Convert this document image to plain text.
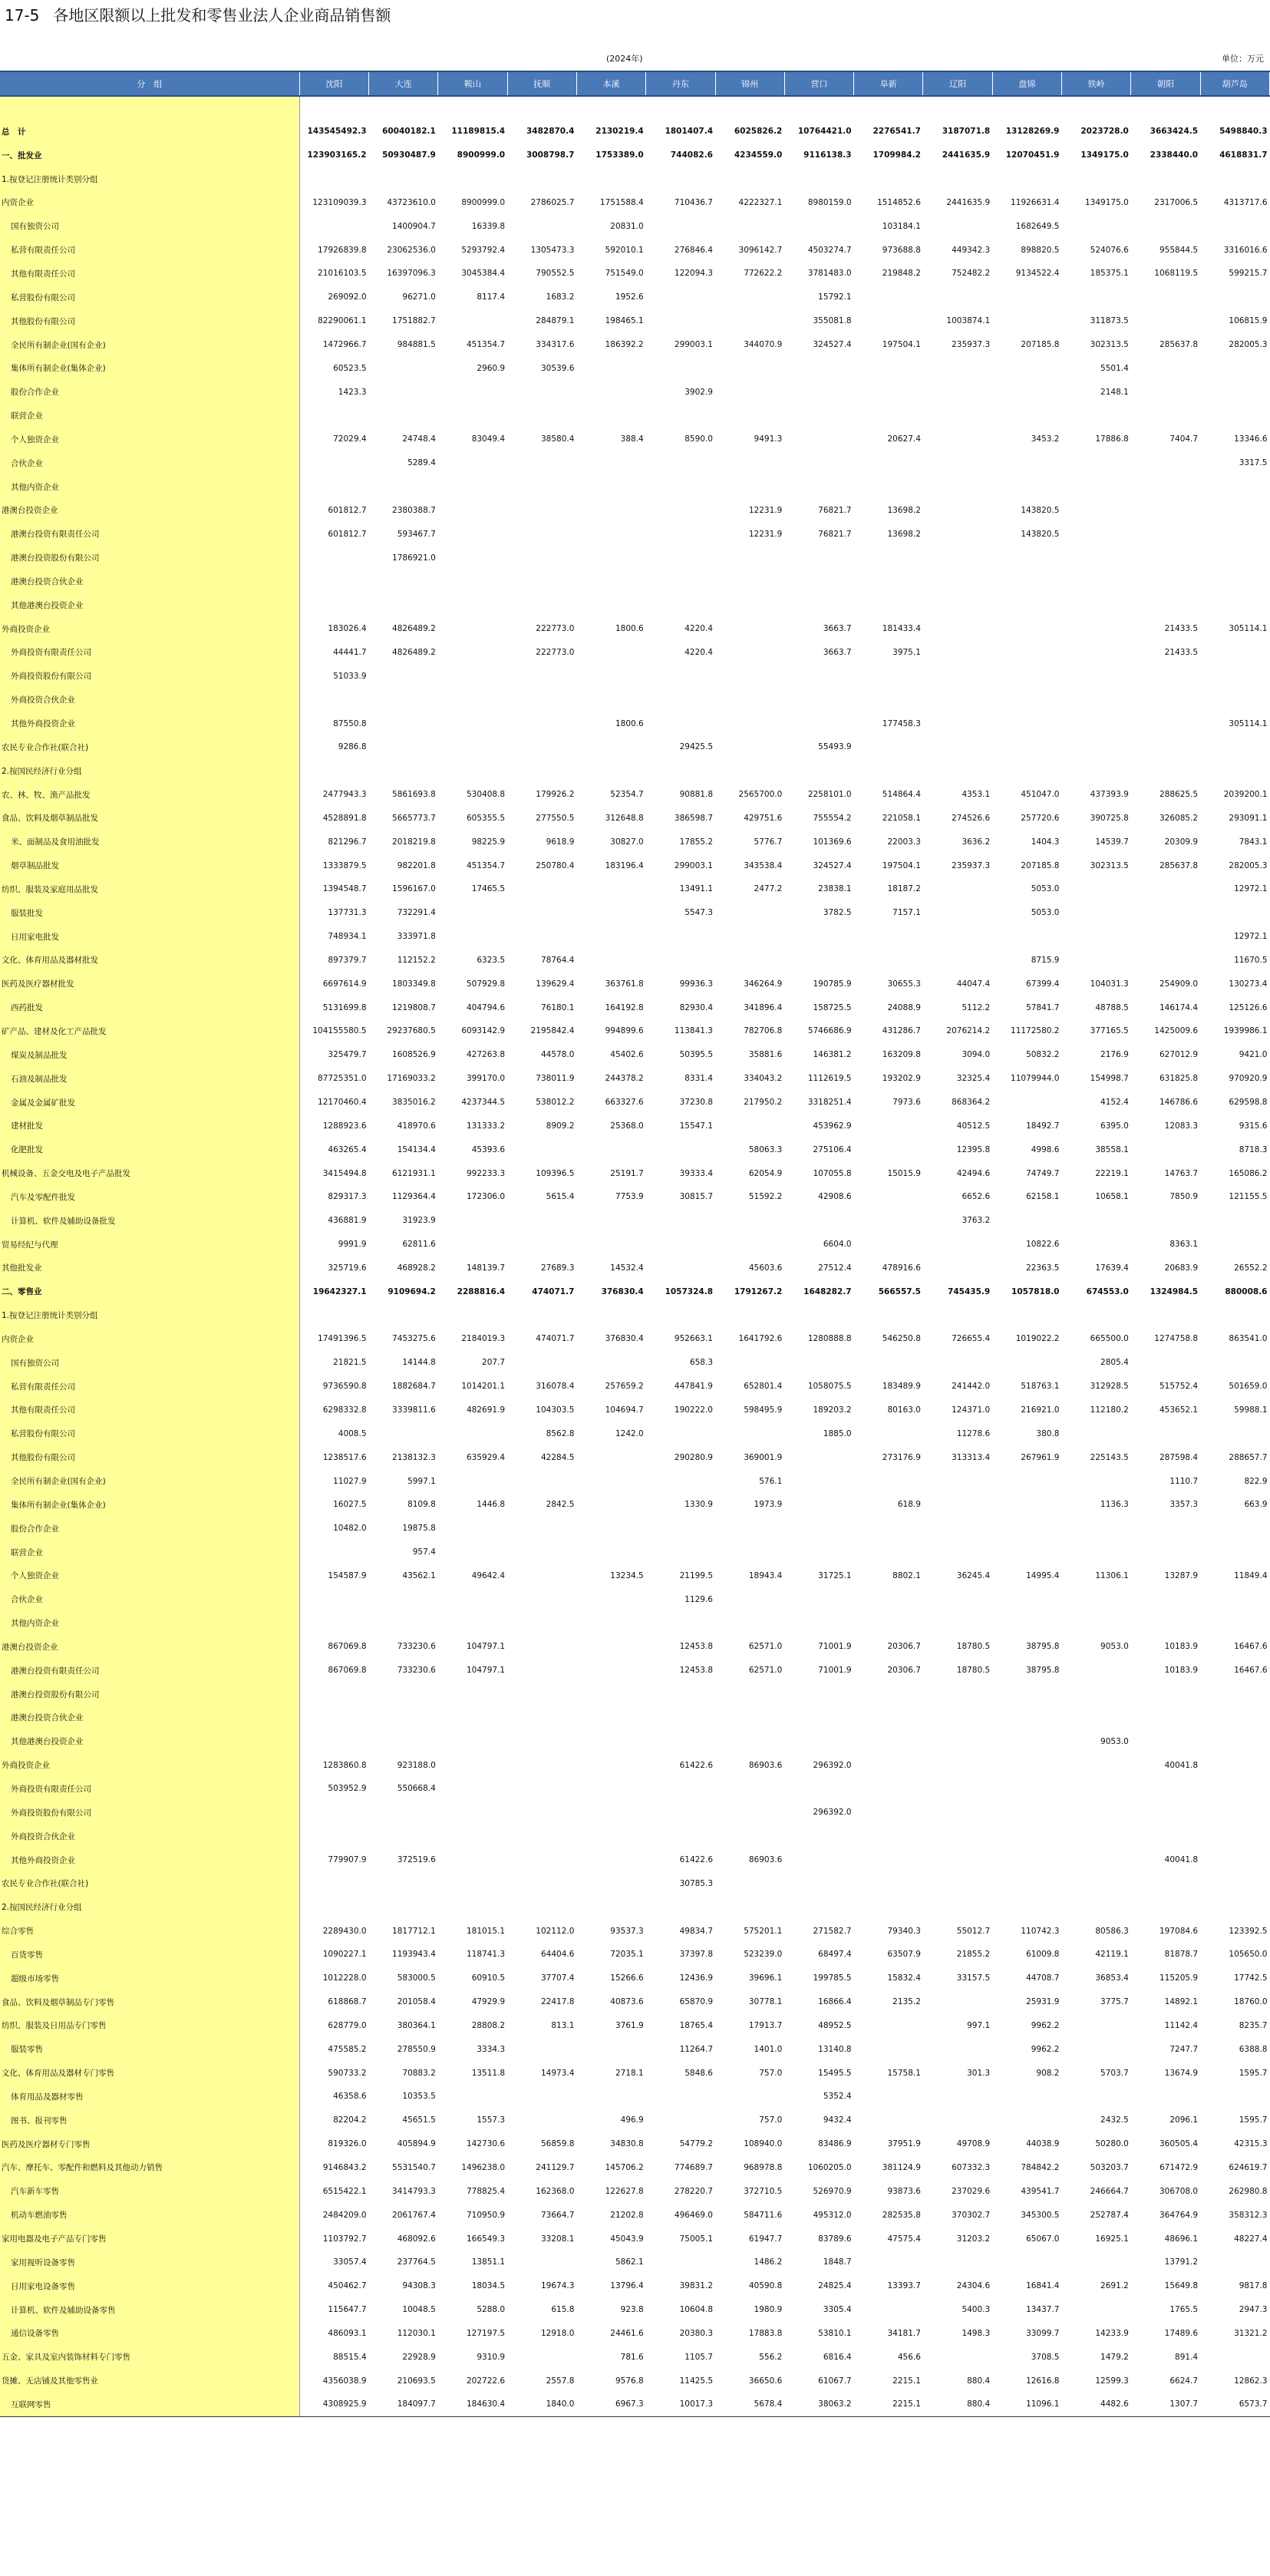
17-5 各地区限额以上批发和零售业法人企业商品销售额
(2024年)	单位：万元
分　组	沈阳	大连	鞍山	抚顺	本溪	丹东	锦州	营口	阜新	辽阳	盘锦	铁岭	朝阳	葫芦岛

总　计	143545492.3	60040182.1	11189815.4	3482870.4	2130219.4	1801407.4	6025826.2	10764421.0	2276541.7	3187071.8	13128269.9	2023728.0	3663424.5	5498840.3
一、批发业	123903165.2	50930487.9	8900999.0	3008798.7	1753389.0	744082.6	4234559.0	9116138.3	1709984.2	2441635.9	12070451.9	1349175.0	2338440.0	4618831.7
1.按登记注册统计类别分组														
内资企业	123109039.3	43723610.0	8900999.0	2786025.7	1751588.4	710436.7	4222327.1	8980159.0	1514852.6	2441635.9	11926631.4	1349175.0	2317006.5	4313717.6
国有独资公司		1400904.7	16339.8		20831.0				103184.1		1682649.5			
私营有限责任公司	17926839.8	23062536.0	5293792.4	1305473.3	592010.1	276846.4	3096142.7	4503274.7	973688.8	449342.3	898820.5	524076.6	955844.5	3316016.6
其他有限责任公司	21016103.5	16397096.3	3045384.4	790552.5	751549.0	122094.3	772622.2	3781483.0	219848.2	752482.2	9134522.4	185375.1	1068119.5	599215.7
私营股份有限公司	269092.0	96271.0	8117.4	1683.2	1952.6			15792.1						
其他股份有限公司	82290061.1	1751882.7		284879.1	198465.1			355081.8		1003874.1		311873.5		106815.9
全民所有制企业(国有企业)	1472966.7	984881.5	451354.7	334317.6	186392.2	299003.1	344070.9	324527.4	197504.1	235937.3	207185.8	302313.5	285637.8	282005.3
集体所有制企业(集体企业)	60523.5		2960.9	30539.6								5501.4		
股份合作企业	1423.3					3902.9						2148.1		
联营企业														
个人独资企业	72029.4	24748.4	83049.4	38580.4	388.4	8590.0	9491.3		20627.4		3453.2	17886.8	7404.7	13346.6
合伙企业		5289.4												3317.5
其他内资企业														
港澳台投资企业	601812.7	2380388.7					12231.9	76821.7	13698.2		143820.5			
港澳台投资有限责任公司	601812.7	593467.7					12231.9	76821.7	13698.2		143820.5			
港澳台投资股份有限公司		1786921.0												
港澳台投资合伙企业														
其他港澳台投资企业														
外商投资企业	183026.4	4826489.2		222773.0	1800.6	4220.4		3663.7	181433.4				21433.5	305114.1
外商投资有限责任公司	44441.7	4826489.2		222773.0		4220.4		3663.7	3975.1				21433.5	
外商投资股份有限公司	51033.9													
外商投资合伙企业														
其他外商投资企业	87550.8				1800.6				177458.3					305114.1
农民专业合作社(联合社)	9286.8					29425.5		55493.9						
2.按国民经济行业分组														
农、林、牧、渔产品批发	2477943.3	5861693.8	530408.8	179926.2	52354.7	90881.8	2565700.0	2258101.0	514864.4	4353.1	451047.0	437393.9	288625.5	2039200.1
食品、饮料及烟草制品批发	4528891.8	5665773.7	605355.5	277550.5	312648.8	386598.7	429751.6	755554.2	221058.1	274526.6	257720.6	390725.8	326085.2	293091.1
米、面制品及食用油批发	821296.7	2018219.8	98225.9	9618.9	30827.0	17855.2	5776.7	101369.6	22003.3	3636.2	1404.3	14539.7	20309.9	7843.1
烟草制品批发	1333879.5	982201.8	451354.7	250780.4	183196.4	299003.1	343538.4	324527.4	197504.1	235937.3	207185.8	302313.5	285637.8	282005.3
纺织、服装及家庭用品批发	1394548.7	1596167.0	17465.5			13491.1	2477.2	23838.1	18187.2		5053.0			12972.1
服装批发	137731.3	732291.4				5547.3		3782.5	7157.1		5053.0			
日用家电批发	748934.1	333971.8												12972.1
文化、体育用品及器材批发	897379.7	112152.2	6323.5	78764.4							8715.9			11670.5
医药及医疗器材批发	6697614.9	1803349.8	507929.8	139629.4	363761.8	99936.3	346264.9	190785.9	30655.3	44047.4	67399.4	104031.3	254909.0	130273.4
西药批发	5131699.8	1219808.7	404794.6	76180.1	164192.8	82930.4	341896.4	158725.5	24088.9	5112.2	57841.7	48788.5	146174.4	125126.6
矿产品、建材及化工产品批发	104155580.5	29237680.5	6093142.9	2195842.4	994899.6	113841.3	782706.8	5746686.9	431286.7	2076214.2	11172580.2	377165.5	1425009.6	1939986.1
煤炭及制品批发	325479.7	1608526.9	427263.8	44578.0	45402.6	50395.5	35881.6	146381.2	163209.8	3094.0	50832.2	2176.9	627012.9	9421.0
石油及制品批发	87725351.0	17169033.2	399170.0	738011.9	244378.2	8331.4	334043.2	1112619.5	193202.9	32325.4	11079944.0	154998.7	631825.8	970920.9
金属及金属矿批发	12170460.4	3835016.2	4237344.5	538012.2	663327.6	37230.8	217950.2	3318251.4	7973.6	868364.2		4152.4	146786.6	629598.8
建材批发	1288923.6	418970.6	131333.2	8909.2	25368.0	15547.1		453962.9		40512.5	18492.7	6395.0	12083.3	9315.6
化肥批发	463265.4	154134.4	45393.6				58063.3	275106.4		12395.8	4998.6	38558.1		8718.3
机械设备、五金交电及电子产品批发	3415494.8	6121931.1	992233.3	109396.5	25191.7	39333.4	62054.9	107055.8	15015.9	42494.6	74749.7	22219.1	14763.7	165086.2
汽车及零配件批发	829317.3	1129364.4	172306.0	5615.4	7753.9	30815.7	51592.2	42908.6		6652.6	62158.1	10658.1	7850.9	121155.5
计算机、软件及辅助设备批发	436881.9	31923.9								3763.2				
贸易经纪与代理	9991.9	62811.6						6604.0			10822.6		8363.1	
其他批发业	325719.6	468928.2	148139.7	27689.3	14532.4		45603.6	27512.4	478916.6		22363.5	17639.4	20683.9	26552.2
二、零售业	19642327.1	9109694.2	2288816.4	474071.7	376830.4	1057324.8	1791267.2	1648282.7	566557.5	745435.9	1057818.0	674553.0	1324984.5	880008.6
1.按登记注册统计类别分组														
内资企业	17491396.5	7453275.6	2184019.3	474071.7	376830.4	952663.1	1641792.6	1280888.8	546250.8	726655.4	1019022.2	665500.0	1274758.8	863541.0
国有独资公司	21821.5	14144.8	207.7			658.3						2805.4		
私营有限责任公司	9736590.8	1882684.7	1014201.1	316078.4	257659.2	447841.9	652801.4	1058075.5	183489.9	241442.0	518763.1	312928.5	515752.4	501659.0
其他有限责任公司	6298332.8	3339811.6	482691.9	104303.5	104694.7	190222.0	598495.9	189203.2	80163.0	124371.0	216921.0	112180.2	453652.1	59988.1
私营股份有限公司	4008.5			8562.8	1242.0			1885.0		11278.6	380.8			
其他股份有限公司	1238517.6	2138132.3	635929.4	42284.5		290280.9	369001.9		273176.9	313313.4	267961.9	225143.5	287598.4	288657.7
全民所有制企业(国有企业)	11027.9	5997.1					576.1						1110.7	822.9
集体所有制企业(集体企业)	16027.5	8109.8	1446.8	2842.5		1330.9	1973.9		618.9			1136.3	3357.3	663.9
股份合作企业	10482.0	19875.8												
联营企业		957.4												
个人独资企业	154587.9	43562.1	49642.4		13234.5	21199.5	18943.4	31725.1	8802.1	36245.4	14995.4	11306.1	13287.9	11849.4
合伙企业						1129.6								
其他内资企业														
港澳台投资企业	867069.8	733230.6	104797.1			12453.8	62571.0	71001.9	20306.7	18780.5	38795.8	9053.0	10183.9	16467.6
港澳台投资有限责任公司	867069.8	733230.6	104797.1			12453.8	62571.0	71001.9	20306.7	18780.5	38795.8		10183.9	16467.6
港澳台投资股份有限公司														
港澳台投资合伙企业														
其他港澳台投资企业												9053.0		
外商投资企业	1283860.8	923188.0				61422.6	86903.6	296392.0					40041.8	
外商投资有限责任公司	503952.9	550668.4												
外商投资股份有限公司								296392.0						
外商投资合伙企业														
其他外商投资企业	779907.9	372519.6				61422.6	86903.6						40041.8	
农民专业合作社(联合社)						30785.3								
2.按国民经济行业分组														
综合零售	2289430.0	1817712.1	181015.1	102112.0	93537.3	49834.7	575201.1	271582.7	79340.3	55012.7	110742.3	80586.3	197084.6	123392.5
百货零售	1090227.1	1193943.4	118741.3	64404.6	72035.1	37397.8	523239.0	68497.4	63507.9	21855.2	61009.8	42119.1	81878.7	105650.0
超级市场零售	1012228.0	583000.5	60910.5	37707.4	15266.6	12436.9	39696.1	199785.5	15832.4	33157.5	44708.7	36853.4	115205.9	17742.5
食品、饮料及烟草制品专门零售	618868.7	201058.4	47929.9	22417.8	40873.6	65870.9	30778.1	16866.4	2135.2		25931.9	3775.7	14892.1	18760.0
纺织、服装及日用品专门零售	628779.0	380364.1	28808.2	813.1	3761.9	18765.4	17913.7	48952.5		997.1	9962.2		11142.4	8235.7
服装零售	475585.2	278550.9	3334.3			11264.7	1401.0	13140.8			9962.2		7247.7	6388.8
文化、体育用品及器材专门零售	590733.2	70883.2	13511.8	14973.4	2718.1	5848.6	757.0	15495.5	15758.1	301.3	908.2	5703.7	13674.9	1595.7
体育用品及器材零售	46358.6	10353.5						5352.4						
图书、报刊零售	82204.2	45651.5	1557.3		496.9		757.0	9432.4				2432.5	2096.1	1595.7
医药及医疗器材专门零售	819326.0	405894.9	142730.6	56859.8	34830.8	54779.2	108940.0	83486.9	37951.9	49708.9	44038.9	50280.0	360505.4	42315.3
汽车、摩托车、零配件和燃料及其他动力销售	9146843.2	5531540.7	1496238.0	241129.7	145706.2	774689.7	968978.8	1060205.0	381124.9	607332.3	784842.2	503203.7	671472.9	624619.7
汽车新车零售	6515422.1	3414793.3	778825.4	162368.0	122627.8	278220.7	372710.5	526970.9	93873.6	237029.6	439541.7	246664.7	306708.0	262980.8
机动车燃油零售	2484209.0	2061767.4	710950.9	73664.7	21202.8	496469.0	584711.6	495312.0	282535.8	370302.7	345300.5	252787.4	364764.9	358312.3
家用电器及电子产品专门零售	1103792.7	468092.6	166549.3	33208.1	45043.9	75005.1	61947.7	83789.6	47575.4	31203.2	65067.0	16925.1	48696.1	48227.4
家用视听设备零售	33057.4	237764.5	13851.1		5862.1		1486.2	1848.7					13791.2	
日用家电设备零售	450462.7	94308.3	18034.5	19674.3	13796.4	39831.2	40590.8	24825.4	13393.7	24304.6	16841.4	2691.2	15649.8	9817.8
计算机、软件及辅助设备零售	115647.7	10048.5	5288.0	615.8	923.8	10604.8	1980.9	3305.4		5400.3	13437.7		1765.5	2947.3
通信设备零售	486093.1	112030.1	127197.5	12918.0	24461.6	20380.3	17883.8	53810.1	34181.7	1498.3	33099.7	14233.9	17489.6	31321.2
五金、家具及室内装饰材料专门零售	88515.4	22928.9	9310.9		781.6	1105.7	556.2	6816.4	456.6		3708.5	1479.2	891.4	
货摊、无店铺及其他零售业	4356038.9	210693.5	202722.6	2557.8	9576.8	11425.5	36650.6	61067.7	2215.1	880.4	12616.8	12599.3	6624.7	12862.3
互联网零售	4308925.9	184097.7	184630.4	1840.0	6967.3	10017.3	5678.4	38063.2	2215.1	880.4	11096.1	4482.6	1307.7	6573.7
